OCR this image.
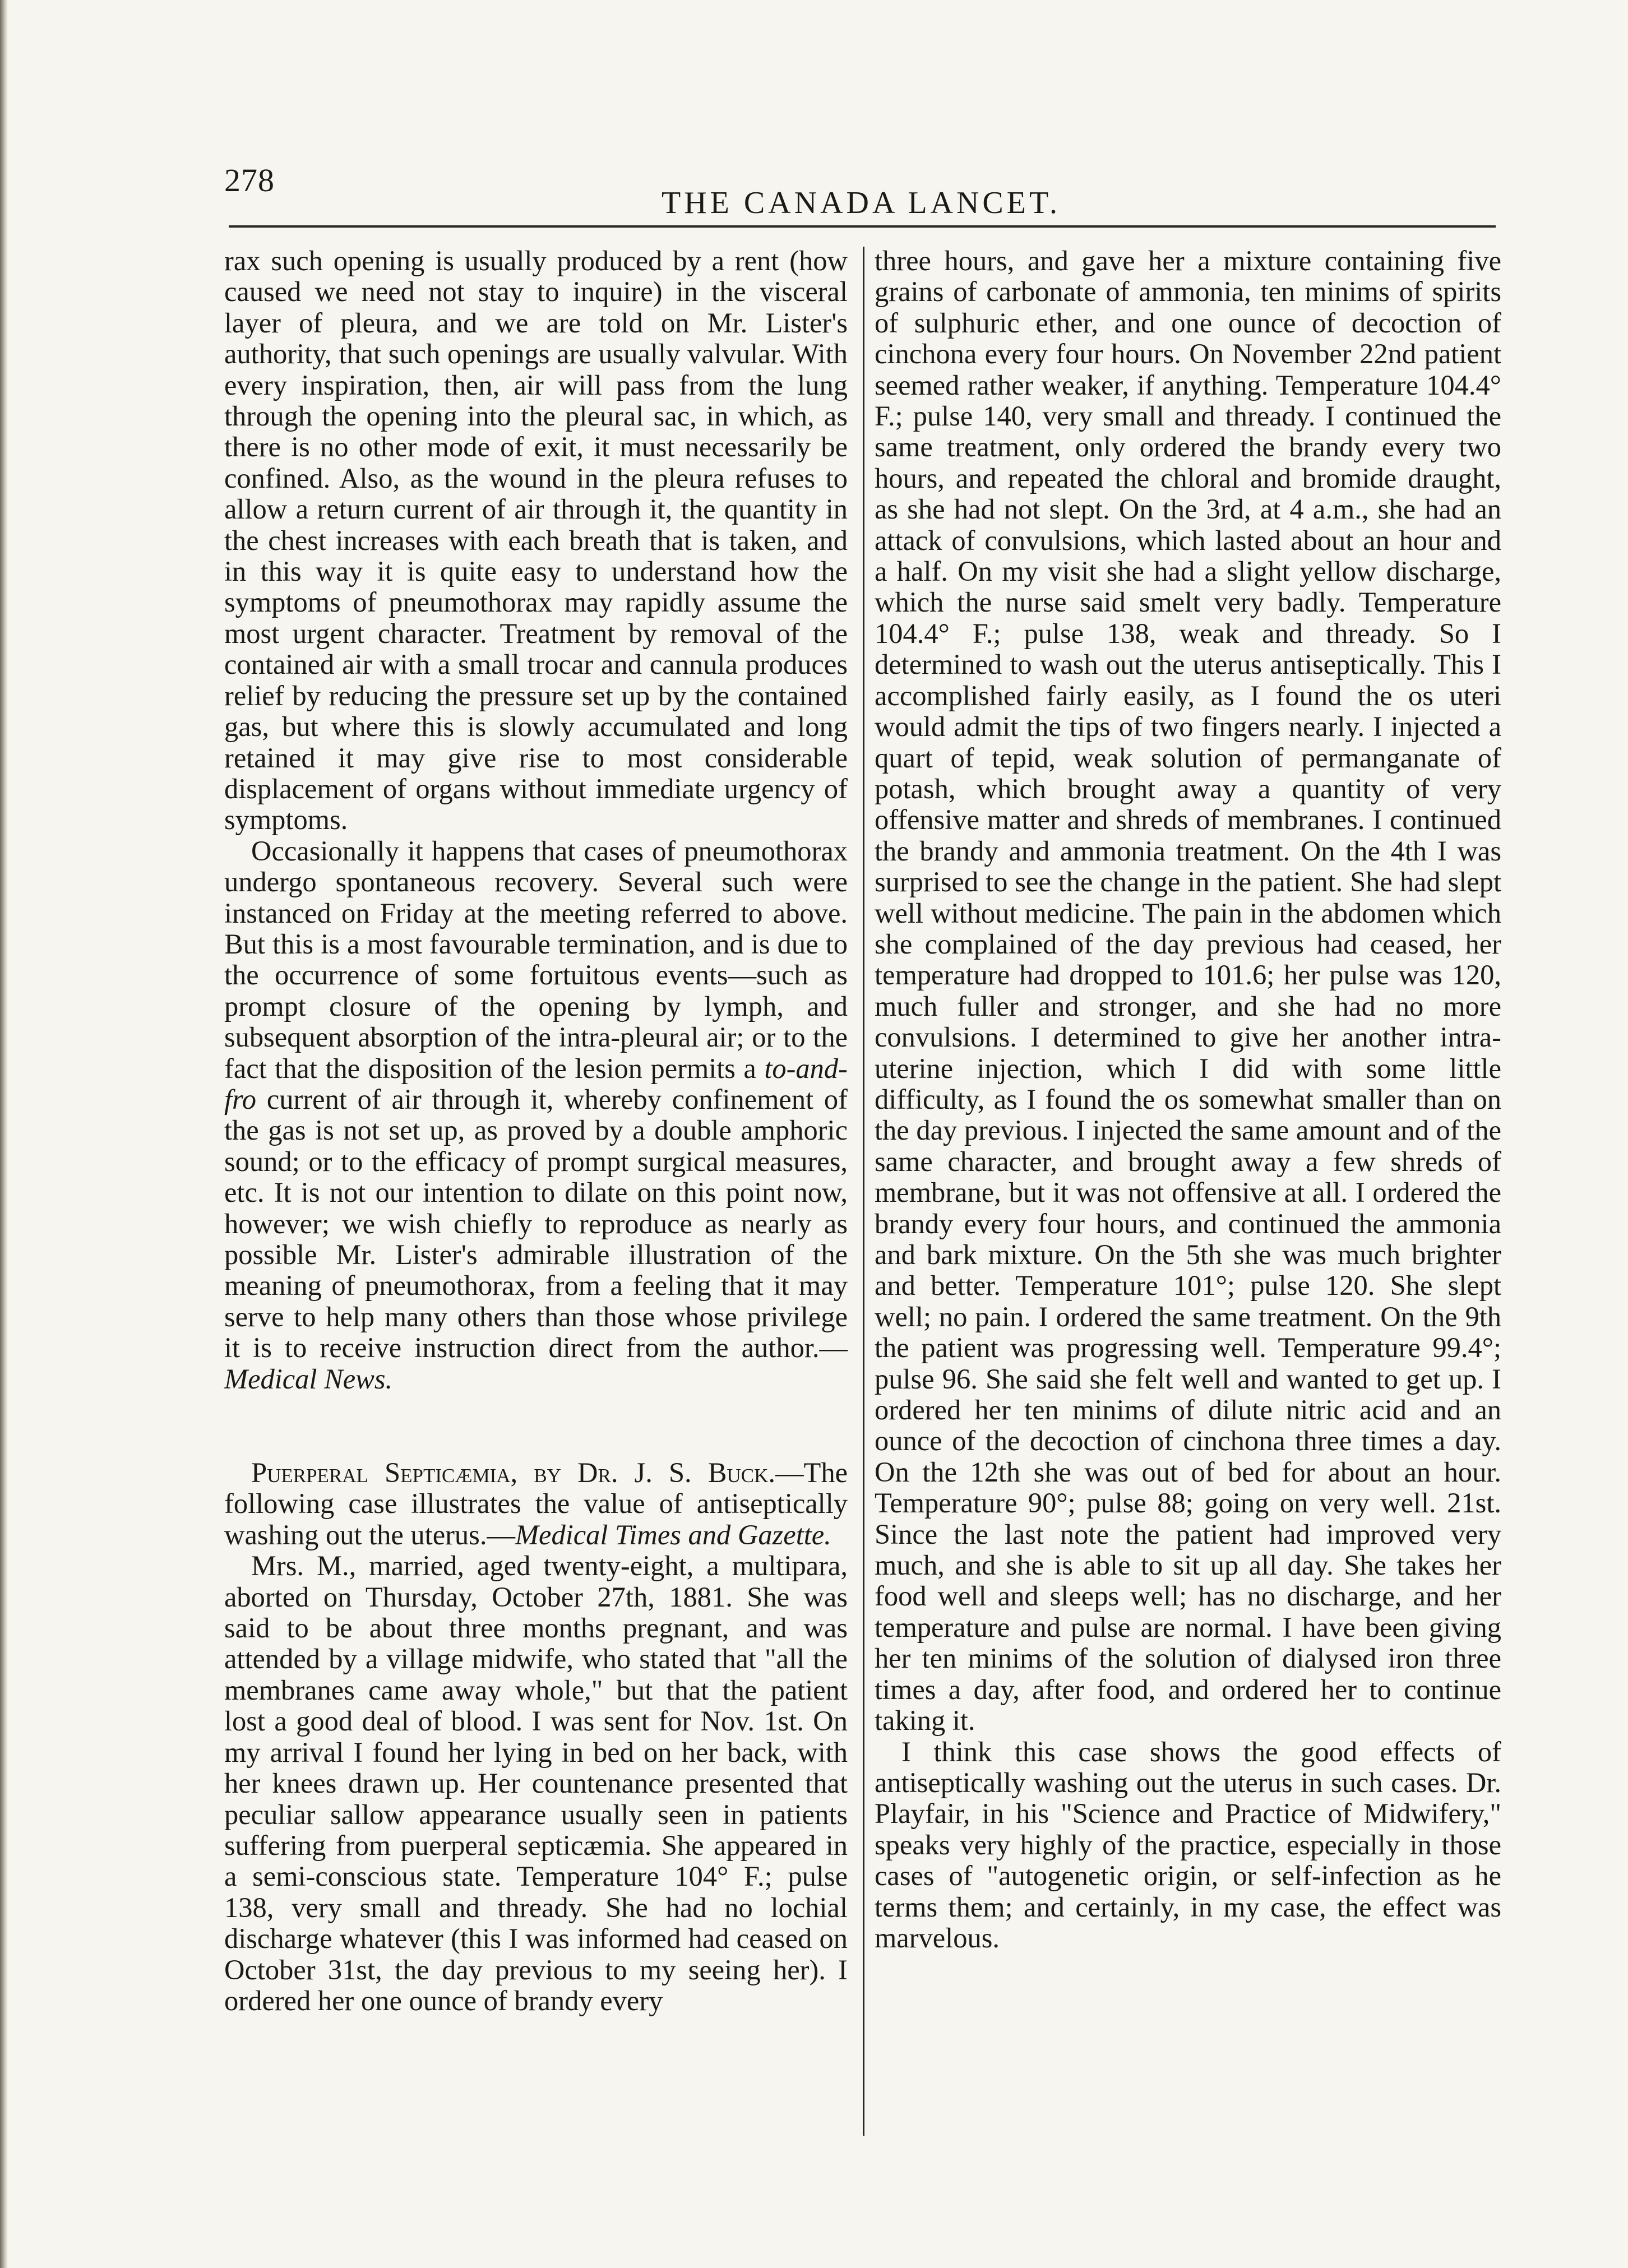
278
THE CANADA LANCET.

rax such opening is usually produced by a rent (how caused we need not stay to inquire) in the visceral layer of pleura, and we are told on Mr. Lister's authority, that such openings are usually valvular. With every inspiration, then, air will pass from the lung through the opening into the pleural sac, in which, as there is no other mode of exit, it must necessarily be confined. Also, as the wound in the pleura refuses to allow a return current of air through it, the quantity in the chest increases with each breath that is taken, and in this way it is quite easy to understand how the symptoms of pneumothorax may rapidly assume the most urgent character. Treatment by removal of the contained air with a small trocar and cannula produces relief by reducing the pressure set up by the contained gas, but where this is slowly accumulated and long retained it may give rise to most considerable displacement of organs without immediate urgency of symptoms.

Occasionally it happens that cases of pneumothorax undergo spontaneous recovery. Several such were instanced on Friday at the meeting referred to above. But this is a most favourable termination, and is due to the occurrence of some fortuitous events—such as prompt closure of the opening by lymph, and subsequent absorption of the intra-pleural air; or to the fact that the disposition of the lesion permits a to-and-fro current of air through it, whereby confinement of the gas is not set up, as proved by a double amphoric sound; or to the efficacy of prompt surgical measures, etc. It is not our intention to dilate on this point now, however; we wish chiefly to reproduce as nearly as possible Mr. Lister's admirable illustration of the meaning of pneumothorax, from a feeling that it may serve to help many others than those whose privilege it is to receive instruction direct from the author.—Medical News.

Puerperal Septicæmia, by Dr. J. S. Buck.—The following case illustrates the value of antiseptically washing out the uterus.—Medical Times and Gazette.

Mrs. M., married, aged twenty-eight, a multipara, aborted on Thursday, October 27th, 1881. She was said to be about three months pregnant, and was attended by a village midwife, who stated that "all the membranes came away whole," but that the patient lost a good deal of blood. I was sent for Nov. 1st. On my arrival I found her lying in bed on her back, with her knees drawn up. Her countenance presented that peculiar sallow appearance usually seen in patients suffering from puerperal septicæmia. She appeared in a semi-conscious state. Temperature 104° F.; pulse 138, very small and thready. She had no lochial discharge whatever (this I was informed had ceased on October 31st, the day previous to my seeing her). I ordered her one ounce of brandy every

three hours, and gave her a mixture containing five grains of carbonate of ammonia, ten minims of spirits of sulphuric ether, and one ounce of decoction of cinchona every four hours. On November 22nd patient seemed rather weaker, if anything. Temperature 104.4° F.; pulse 140, very small and thready. I continued the same treatment, only ordered the brandy every two hours, and repeated the chloral and bromide draught, as she had not slept. On the 3rd, at 4 a.m., she had an attack of convulsions, which lasted about an hour and a half. On my visit she had a slight yellow discharge, which the nurse said smelt very badly. Temperature 104.4° F.; pulse 138, weak and thready. So I determined to wash out the uterus antiseptically. This I accomplished fairly easily, as I found the os uteri would admit the tips of two fingers nearly. I injected a quart of tepid, weak solution of permanganate of potash, which brought away a quantity of very offensive matter and shreds of membranes. I continued the brandy and ammonia treatment. On the 4th I was surprised to see the change in the patient. She had slept well without medicine. The pain in the abdomen which she complained of the day previous had ceased, her temperature had dropped to 101.6; her pulse was 120, much fuller and stronger, and she had no more convulsions. I determined to give her another intra-uterine injection, which I did with some little difficulty, as I found the os somewhat smaller than on the day previous. I injected the same amount and of the same character, and brought away a few shreds of membrane, but it was not offensive at all. I ordered the brandy every four hours, and continued the ammonia and bark mixture. On the 5th she was much brighter and better. Temperature 101°; pulse 120. She slept well; no pain. I ordered the same treatment. On the 9th the patient was progressing well. Temperature 99.4°; pulse 96. She said she felt well and wanted to get up. I ordered her ten minims of dilute nitric acid and an ounce of the decoction of cinchona three times a day. On the 12th she was out of bed for about an hour. Temperature 90°; pulse 88; going on very well. 21st. Since the last note the patient had improved very much, and she is able to sit up all day. She takes her food well and sleeps well; has no discharge, and her temperature and pulse are normal. I have been giving her ten minims of the solution of dialysed iron three times a day, after food, and ordered her to continue taking it.

I think this case shows the good effects of antiseptically washing out the uterus in such cases. Dr. Playfair, in his "Science and Practice of Midwifery," speaks very highly of the practice, especially in those cases of "autogenetic origin, or self-infection as he terms them; and certainly, in my case, the effect was marvelous.
